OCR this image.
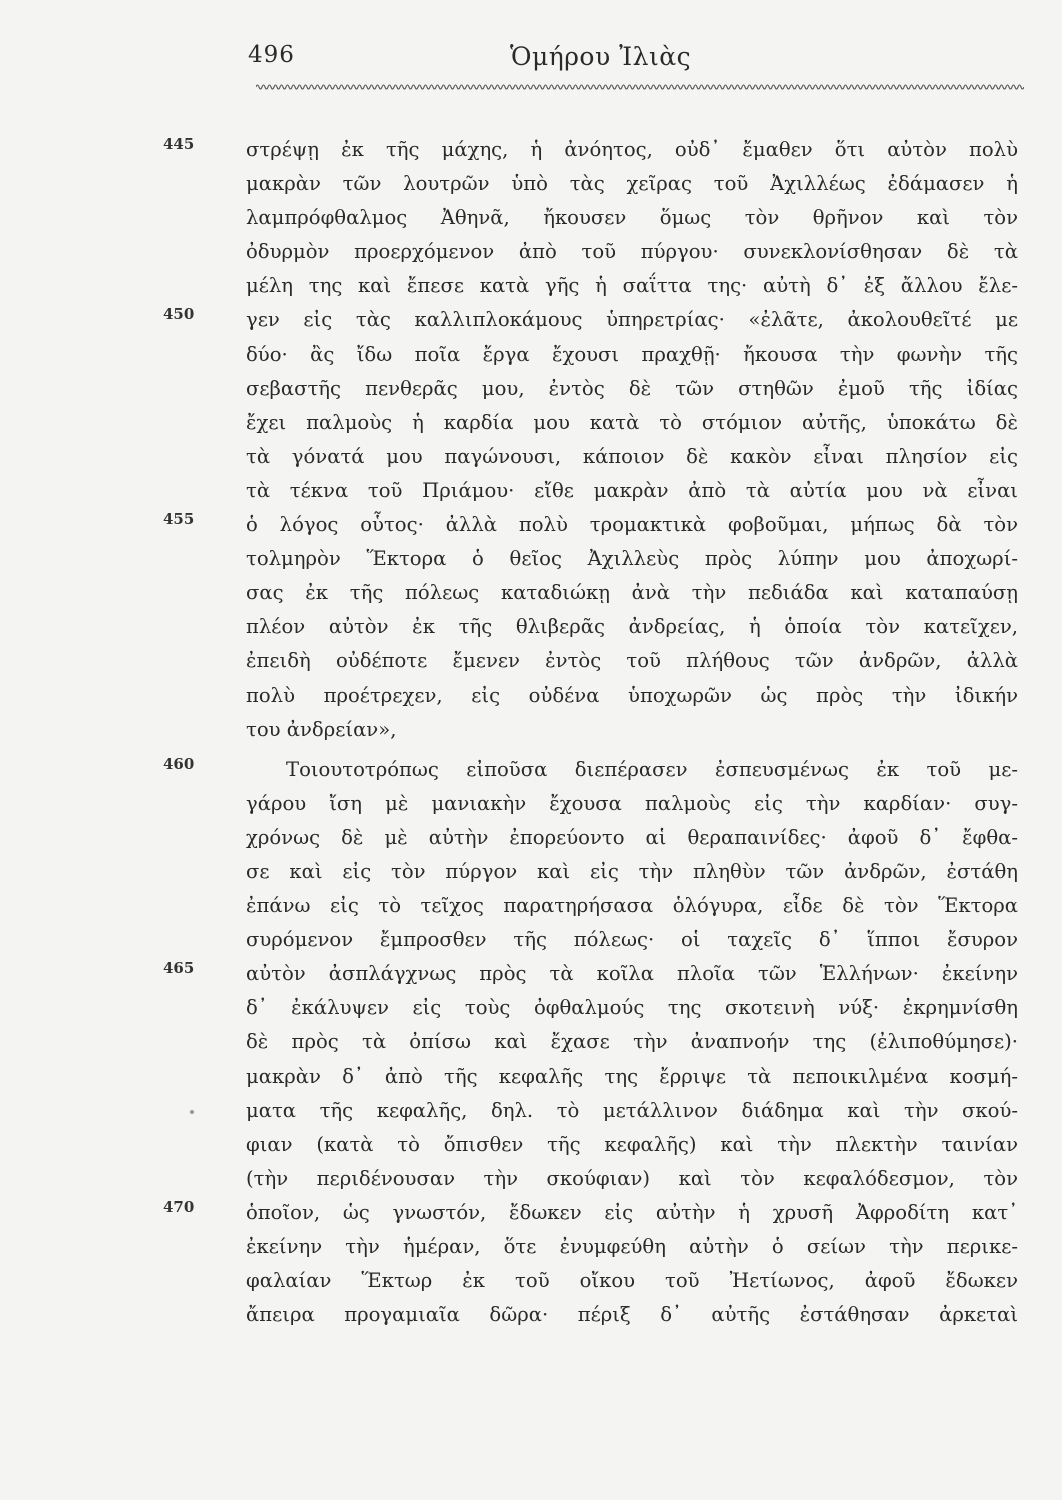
496	Ὁμήρου Ἰλιὰς
445	στρέψῃ ἐκ τῆς μάχης, ἡ ἀνόητος, οὐδ᾽ ἔμαθεν ὅτι αὐτὸν πολὺ
μακρὰν τῶν λουτρῶν ὑπὸ τὰς χεῖρας τοῦ Ἀχιλλέως ἐδάμασεν ἡ
λαμπρόφθαλμος Ἀθηνᾶ, ἤκουσεν ὅμως τὸν θρῆνον καὶ τὸν
ὀδυρμὸν προερχόμενον ἀπὸ τοῦ πύργου· συνεκλονίσθησαν δὲ τὰ
μέλη της καὶ ἔπεσε κατὰ γῆς ἡ σαΐττα της· αὐτὴ δ᾽ ἐξ ἄλλου ἔλε-
450	γεν εἰς τὰς καλλιπλοκάμους ὑπηρετρίας· «ἐλᾶτε, ἀκολουθεῖτέ με
δύο· ἂς ἴδω ποῖα ἔργα ἔχουσι πραχθῇ· ἤκουσα τὴν φωνὴν τῆς
σεβαστῆς πενθερᾶς μου, ἐντὸς δὲ τῶν στηθῶν ἐμοῦ τῆς ἰδίας
ἔχει παλμοὺς ἡ καρδία μου κατὰ τὸ στόμιον αὐτῆς, ὑποκάτω δὲ
τὰ γόνατά μου παγώνουσι, κάποιον δὲ κακὸν εἶναι πλησίον εἰς
τὰ τέκνα τοῦ Πριάμου· εἴθε μακρὰν ἀπὸ τὰ αὐτία μου νὰ εἶναι
455	ὁ λόγος οὗτος· ἀλλὰ πολὺ τρομακτικὰ φοβοῦμαι, μήπως δὰ τὸν
τολμηρὸν Ἕκτορα ὁ θεῖος Ἀχιλλεὺς πρὸς λύπην μου ἀποχωρί-
σας ἐκ τῆς πόλεως καταδιώκῃ ἀνὰ τὴν πεδιάδα καὶ καταπαύσῃ
πλέον αὐτὸν ἐκ τῆς θλιβερᾶς ἀνδρείας, ἡ ὁποία τὸν κατεῖχεν,
ἐπειδὴ οὐδέποτε ἔμενεν ἐντὸς τοῦ πλήθους τῶν ἀνδρῶν, ἀλλὰ
πολὺ προέτρεχεν, εἰς οὐδένα ὑποχωρῶν ὡς πρὸς τὴν ἰδικήν
του ἀνδρείαν»,
460	Τοιουτοτρόπως εἰποῦσα διεπέρασεν ἐσπευσμένως ἐκ τοῦ με-
γάρου ἴση μὲ μανιακὴν ἔχουσα παλμοὺς εἰς τὴν καρδίαν· συγ-
χρόνως δὲ μὲ αὐτὴν ἐπορεύοντο αἱ θεραπαινίδες· ἀφοῦ δ᾽ ἔφθα-
σε καὶ εἰς τὸν πύργον καὶ εἰς τὴν πληθὺν τῶν ἀνδρῶν, ἐστάθη
ἐπάνω εἰς τὸ τεῖχος παρατηρήσασα ὁλόγυρα, εἶδε δὲ τὸν Ἕκτορα
συρόμενον ἔμπροσθεν τῆς πόλεως· οἱ ταχεῖς δ᾽ ἵπποι ἔσυρον
465	αὐτὸν ἀσπλάγχνως πρὸς τὰ κοῖλα πλοῖα τῶν Ἑλλήνων· ἐκείνην
δ᾽ ἐκάλυψεν εἰς τοὺς ὀφθαλμούς της σκοτεινὴ νύξ· ἐκρημνίσθη
δὲ πρὸς τὰ ὀπίσω καὶ ἔχασε τὴν ἀναπνοήν της (ἐλιποθύμησε)·
μακρὰν δ᾽ ἀπὸ τῆς κεφαλῆς της ἔρριψε τὰ πεποικιλμένα κοσμή-
ματα τῆς κεφαλῆς, δηλ. τὸ μετάλλινον διάδημα καὶ τὴν σκού-
φιαν (κατὰ τὸ ὄπισθεν τῆς κεφαλῆς) καὶ τὴν πλεκτὴν ταινίαν
(τὴν περιδένουσαν τὴν σκούφιαν) καὶ τὸν κεφαλόδεσμον, τὸν
470	ὁποῖον, ὡς γνωστόν, ἔδωκεν εἰς αὐτὴν ἡ χρυσῆ Ἀφροδίτη κατ᾽
ἐκείνην τὴν ἡμέραν, ὅτε ἐνυμφεύθη αὐτὴν ὁ σείων τὴν περικε-
φαλαίαν Ἕκτωρ ἐκ τοῦ οἴκου τοῦ Ἠετίωνος, ἀφοῦ ἔδωκεν
ἄπειρα προγαμιαῖα δῶρα· πέριξ δ᾽ αὐτῆς ἐστάθησαν ἀρκεταὶ
